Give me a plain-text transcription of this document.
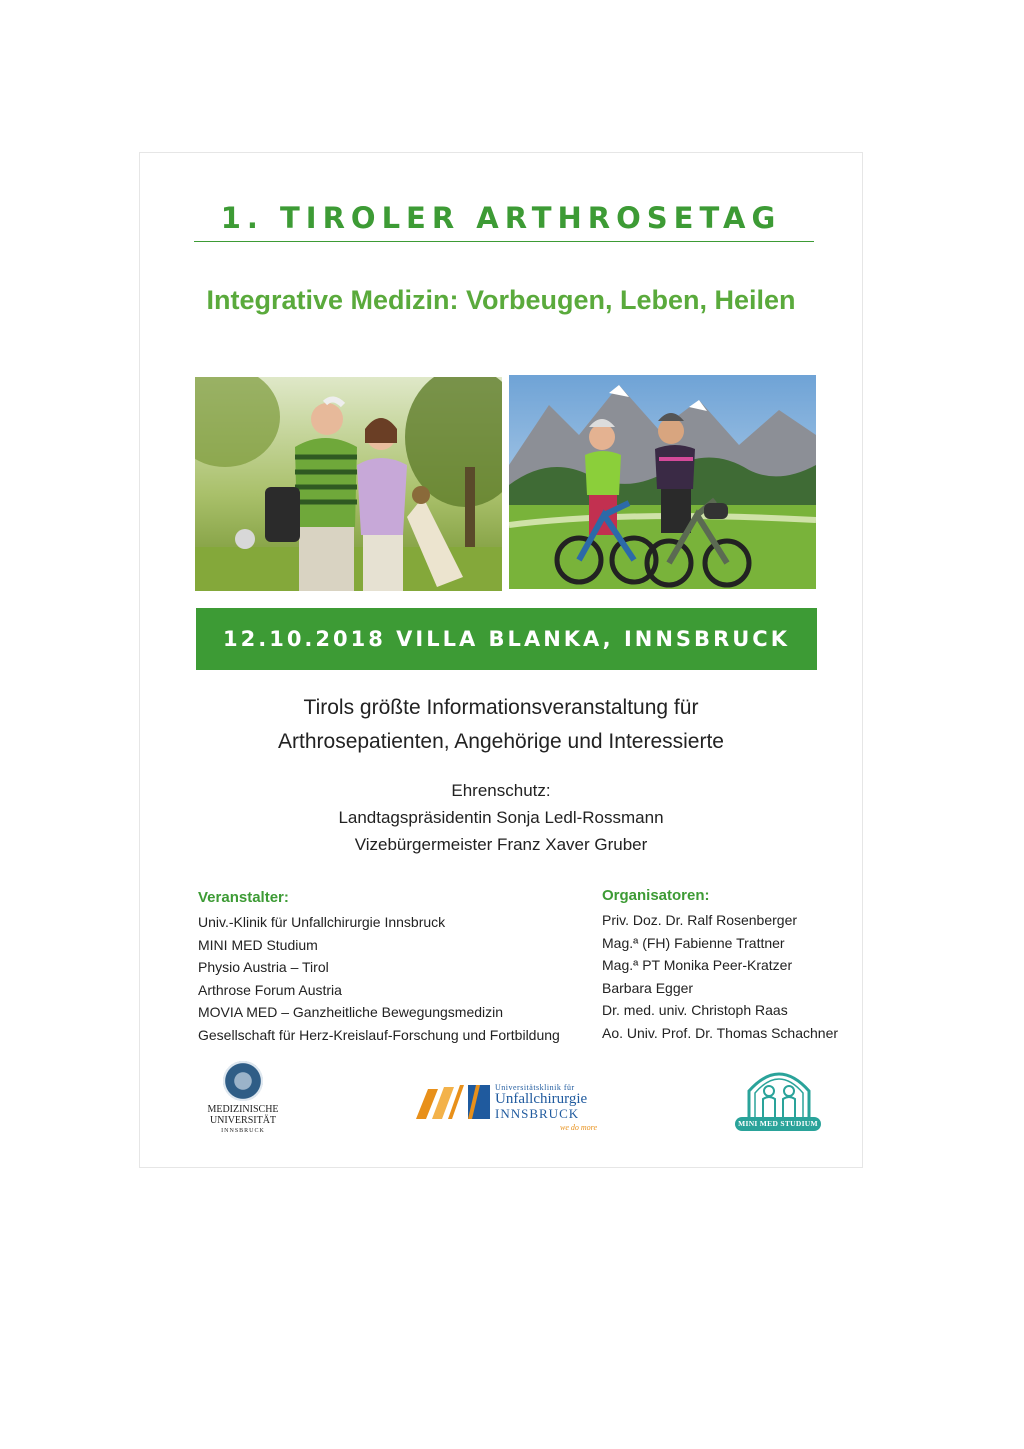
1. TIROLER ARTHROSETAG
Integrative Medizin: Vorbeugen, Leben, Heilen
12.10.2018 VILLA BLANKA, INNSBRUCK
Tirols größte Informationsveranstaltung für
Arthrosepatienten, Angehörige und Interessierte
Ehrenschutz:
Landtagspräsidentin Sonja Ledl-Rossmann
Vizebürgermeister Franz Xaver Gruber
Veranstalter:
Univ.-Klinik für Unfallchirurgie Innsbruck
MINI MED Studium
Physio Austria – Tirol
Arthrose Forum Austria
MOVIA MED – Ganzheitliche Bewegungsmedizin
Gesellschaft für Herz-Kreislauf-Forschung und Fortbildung
Organisatoren:
Priv. Doz. Dr. Ralf Rosenberger
Mag.ª (FH) Fabienne Trattner
Mag.ª PT Monika Peer-Kratzer
Barbara Egger
Dr. med. univ. Christoph Raas
Ao. Univ. Prof. Dr. Thomas Schachner
MEDIZINISCHE
UNIVERSITÄT
INNSBRUCK
Universitätsklinik für
Unfallchirurgie
INNSBRUCK
we do more	MINI MED STUDIUM
